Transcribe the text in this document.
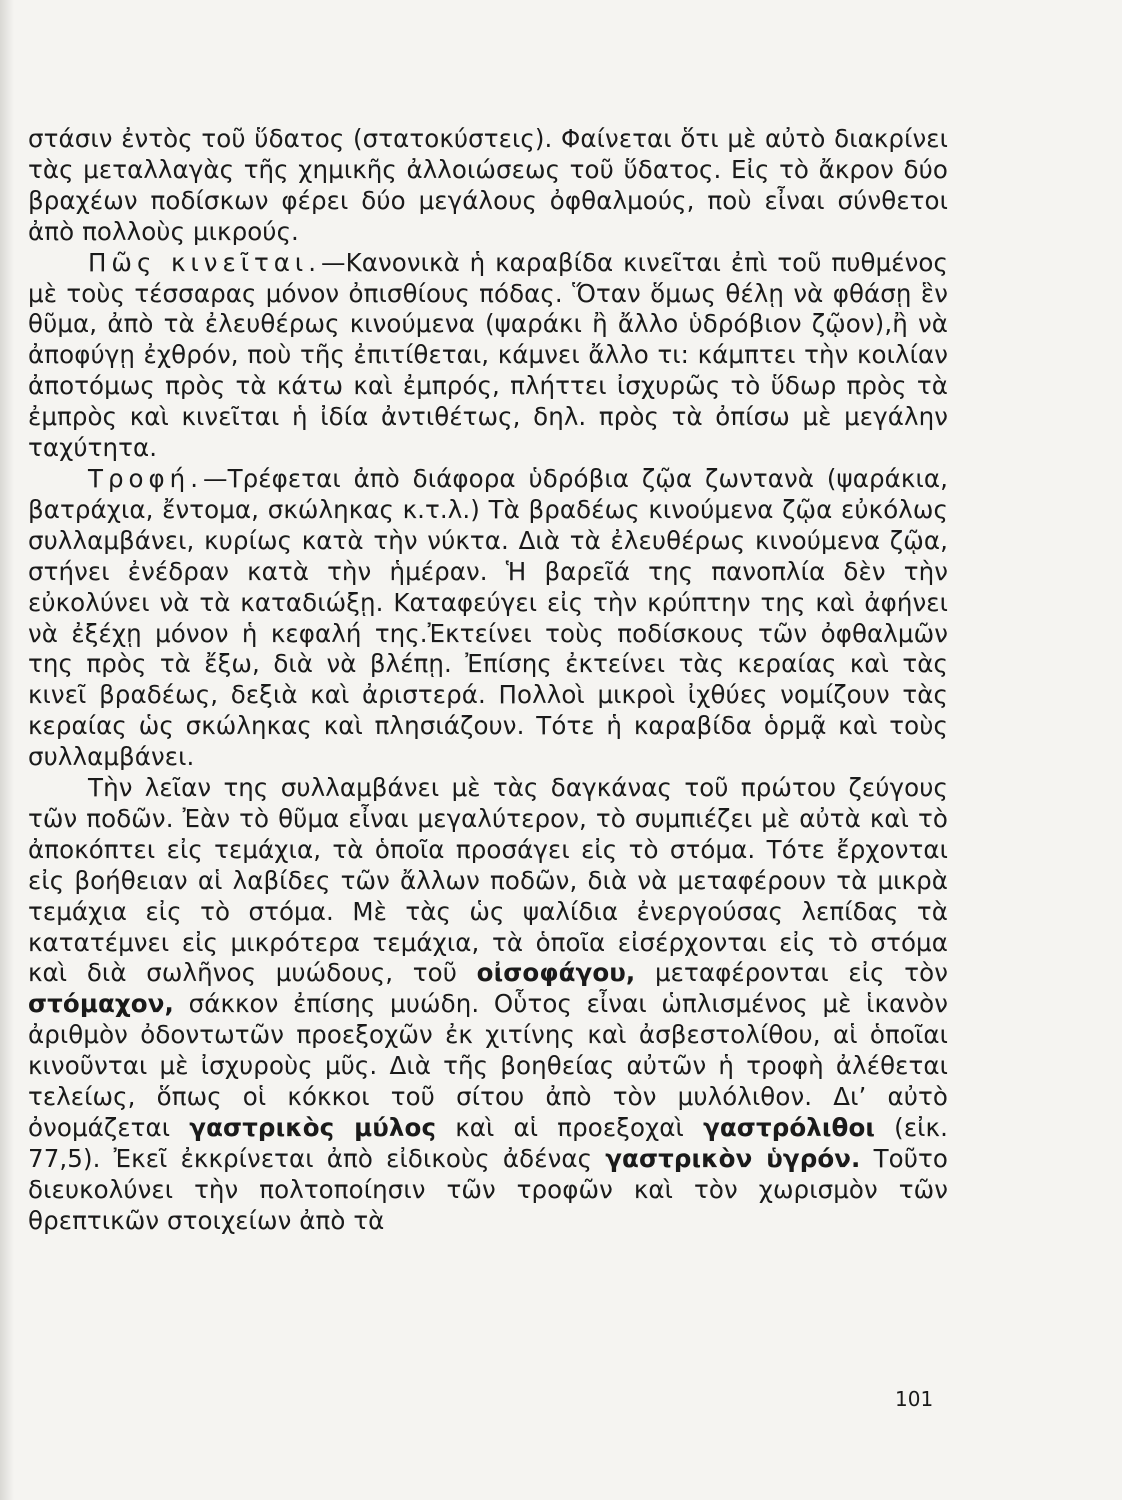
στάσιν ἐντὸς τοῦ ὕδατος (στατοκύστεις). Φαίνεται ὅτι μὲ αὐτὸ διακρίνει τὰς μεταλλαγὰς τῆς χημικῆς ἀλλοιώσεως τοῦ ὕδατος. Εἰς τὸ ἄκρον δύο βραχέων ποδίσκων φέρει δύο μεγάλους ὀφθαλμούς, ποὺ εἶναι σύνθετοι ἀπὸ πολλοὺς μικρούς.

Πῶς κινεῖται.—Κανονικὰ ἡ καραβίδα κινεῖται ἐπὶ τοῦ πυθμένος μὲ τοὺς τέσσαρας μόνον ὀπισθίους πόδας. Ὅταν ὅμως θέλῃ νὰ φθάσῃ ἓν θῦμα, ἀπὸ τὰ ἐλευθέρως κινούμενα (ψαράκι ἢ ἄλλο ὑδρόβιον ζῷον),ἢ νὰ ἀποφύγῃ ἐχθρόν, ποὺ τῆς ἐπιτίθεται, κάμνει ἄλλο τι: κάμπτει τὴν κοιλίαν ἀποτόμως πρὸς τὰ κάτω καὶ ἐμπρός, πλήττει ἰσχυρῶς τὸ ὕδωρ πρὸς τὰ ἐμπρὸς καὶ κινεῖται ἡ ἰδία ἀντιθέτως, δηλ. πρὸς τὰ ὀπίσω μὲ μεγάλην ταχύτητα.

Τροφή.—Τρέφεται ἀπὸ διάφορα ὑδρόβια ζῷα ζωντανὰ (ψαράκια, βατράχια, ἔντομα, σκώληκας κ.τ.λ.) Τὰ βραδέως κινούμενα ζῷα εὐκόλως συλλαμβάνει, κυρίως κατὰ τὴν νύκτα. Διὰ τὰ ἐλευθέρως κινούμενα ζῷα, στήνει ἐνέδραν κατὰ τὴν ἡμέραν. Ἡ βαρεῖά της πανοπλία δὲν τὴν εὐκολύνει νὰ τὰ καταδιώξῃ. Καταφεύγει εἰς τὴν κρύπτην της καὶ ἀφήνει νὰ ἐξέχῃ μόνον ἡ κεφαλή της.Ἐκτείνει τοὺς ποδίσκους τῶν ὀφθαλμῶν της πρὸς τὰ ἔξω, διὰ νὰ βλέπῃ. Ἐπίσης ἐκτείνει τὰς κεραίας καὶ τὰς κινεῖ βραδέως, δεξιὰ καὶ ἀριστερά. Πολλοὶ μικροὶ ἰχθύες νομίζουν τὰς κεραίας ὡς σκώληκας καὶ πλησιάζουν. Τότε ἡ καραβίδα ὁρμᾷ καὶ τοὺς συλλαμβάνει.

Τὴν λεῖαν της συλλαμβάνει μὲ τὰς δαγκάνας τοῦ πρώτου ζεύγους τῶν ποδῶν. Ἐὰν τὸ θῦμα εἶναι μεγαλύτερον, τὸ συμπιέζει μὲ αὐτὰ καὶ τὸ ἀποκόπτει εἰς τεμάχια, τὰ ὁποῖα προσάγει εἰς τὸ στόμα. Τότε ἔρχονται εἰς βοήθειαν αἱ λαβίδες τῶν ἄλλων ποδῶν, διὰ νὰ μεταφέρουν τὰ μικρὰ τεμάχια εἰς τὸ στόμα. Μὲ τὰς ὡς ψαλίδια ἐνεργούσας λεπίδας τὰ κατατέμνει εἰς μικρότερα τεμάχια, τὰ ὁποῖα εἰσέρχονται εἰς τὸ στόμα καὶ διὰ σωλῆνος μυώδους, τοῦ οἰσοφάγου, μεταφέρονται εἰς τὸν στόμαχον, σάκκον ἐπίσης μυώδη. Οὗτος εἶναι ὡπλισμένος μὲ ἱκανὸν ἀριθμὸν ὀδοντωτῶν προεξοχῶν ἐκ χιτίνης καὶ ἀσβεστολίθου, αἱ ὁποῖαι κινοῦνται μὲ ἰσχυροὺς μῦς. Διὰ τῆς βοηθείας αὐτῶν ἡ τροφὴ ἀλέθεται τελείως, ὅπως οἱ κόκκοι τοῦ σίτου ἀπὸ τὸν μυλόλιθον. Δι’ αὐτὸ ὀνομάζεται γαστρικὸς μύλος καὶ αἱ προεξοχαὶ γαστρόλιθοι (εἰκ. 77,5). Ἐκεῖ ἐκκρίνεται ἀπὸ εἰδικοὺς ἀδένας γαστρικὸν ὑγρόν. Τοῦτο διευκολύνει τὴν πολτοποίησιν τῶν τροφῶν καὶ τὸν χωρισμὸν τῶν θρεπτικῶν στοιχείων ἀπὸ τὰ

101
